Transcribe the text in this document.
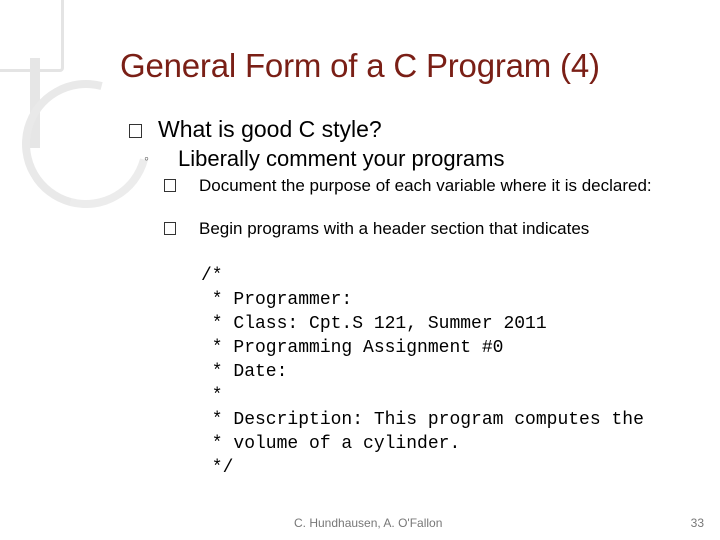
General Form of a C Program (4)
What is good C style?
◦ Liberally comment your programs
Document the purpose of each variable where it is declared:
Begin programs with a header section that indicates
/*
* Programmer:
* Class: Cpt.S 121, Summer 2011
* Programming Assignment #0
* Date:
*
* Description: This program computes the
* volume of a cylinder.
*/
C. Hundhausen, A. O'Fallon	33
